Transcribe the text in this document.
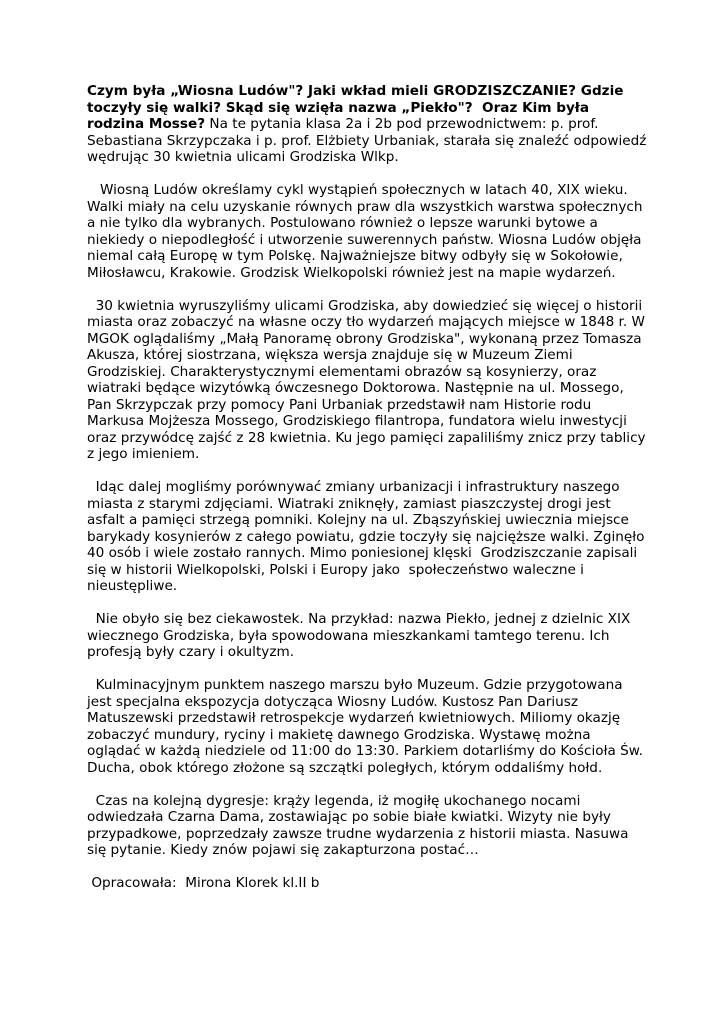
Czym była „Wiosna Ludów"? Jaki wkład mieli GRODZISZCZANIE? Gdzie toczyły się walki? Skąd się wzięła nazwa „Piekło"?  Oraz Kim była rodzina Mosse? Na te pytania klasa 2a i 2b pod przewodnictwem: p. prof. Sebastiana Skrzypczaka i p. prof. Elżbiety Urbaniak, starała się znaleźć odpowiedź wędrując 30 kwietnia ulicami Grodziska Wlkp.

Wiosną Ludów określamy cykl wystąpień społecznych w latach 40, XIX wieku. Walki miały na celu uzyskanie równych praw dla wszystkich warstwa społecznych a nie tylko dla wybranych. Postulowano również o lepsze warunki bytowe a niekiedy o niepodległość i utworzenie suwerennych państw. Wiosna Ludów objęła niemal całą Europę w tym Polskę. Najważniejsze bitwy odbyły się w Sokołowie, Miłosławcu, Krakowie. Grodzisk Wielkopolski również jest na mapie wydarzeń.

30 kwietnia wyruszyliśmy ulicami Grodziska, aby dowiedzieć się więcej o historii miasta oraz zobaczyć na własne oczy tło wydarzeń mających miejsce w 1848 r. W MGOK oglądaliśmy „Małą Panoramę obrony Grodziska", wykonaną przez Tomasza Akusza, której siostrzana, większa wersja znajduje się w Muzeum Ziemi Grodziskiej. Charakterystycznymi elementami obrazów są kosynierzy, oraz wiatraki będące wizytówką ówczesnego Doktorowa. Następnie na ul. Mossego, Pan Skrzypczak przy pomocy Pani Urbaniak przedstawił nam Historie rodu Markusa Mojżesza Mossego, Grodziskiego filantropa, fundatora wielu inwestycji oraz przywódcę zajść z 28 kwietnia. Ku jego pamięci zapaliliśmy znicz przy tablicy z jego imieniem.

Idąc dalej mogliśmy porównywać zmiany urbanizacji i infrastruktury naszego miasta z starymi zdjęciami. Wiatraki zniknęły, zamiast piaszczystej drogi jest asfalt a pamięci strzegą pomniki. Kolejny na ul. Zbąszyńskiej uwiecznia miejsce barykady kosynierów z całego powiatu, gdzie toczyły się najcięższe walki. Zginęło 40 osób i wiele zostało rannych. Mimo poniesionej klęski  Grodziszczanie zapisali się w historii Wielkopolski, Polski i Europy jako  społeczeństwo waleczne i nieustępliwe.

Nie obyło się bez ciekawostek. Na przykład: nazwa Piekło, jednej z dzielnic XIX wiecznego Grodziska, była spowodowana mieszkankami tamtego terenu. Ich profesją były czary i okultyzm.

Kulminacyjnym punktem naszego marszu było Muzeum. Gdzie przygotowana jest specjalna ekspozycja dotycząca Wiosny Ludów. Kustosz Pan Dariusz Matuszewski przedstawił retrospekcje wydarzeń kwietniowych. Miliomy okazję zobaczyć mundury, ryciny i makietę dawnego Grodziska. Wystawę można oglądać w każdą niedziele od 11:00 do 13:30. Parkiem dotarliśmy do Kościoła Św. Ducha, obok którego złożone są szczątki poległych, którym oddaliśmy hołd.

Czas na kolejną dygresje: krąży legenda, iż mogiłę ukochanego nocami odwiedzała Czarna Dama, zostawiając po sobie białe kwiatki. Wizyty nie były przypadkowe, poprzedzały zawsze trudne wydarzenia z historii miasta. Nasuwa się pytanie. Kiedy znów pojawi się zakapturzona postać…

Opracowała:  Mirona Klorek kl.II b
